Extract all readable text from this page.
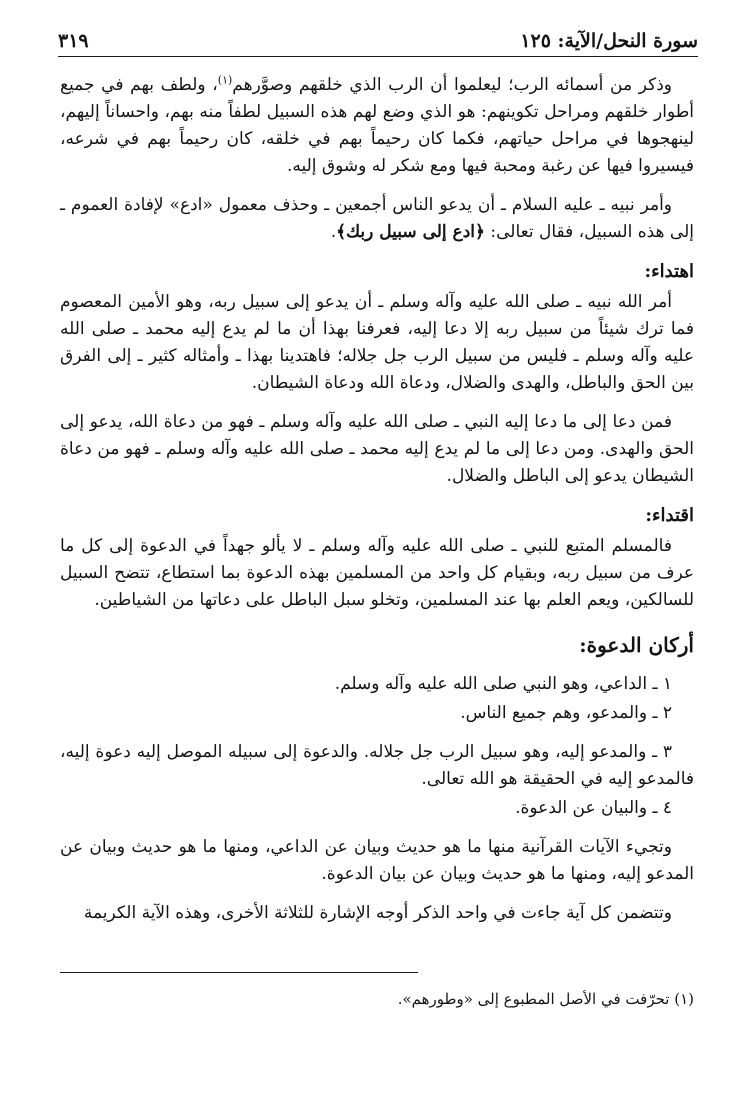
سورة النحل/الآية: ١٢٥
٣١٩

وذكر من أسمائه الرب؛ ليعلموا أن الرب الذي خلقهم وصوَّرهم$^{(١)}$، ولطف بهم في جميع أطوار خلقهم ومراحل تكوينهم: هو الذي وضع لهم هذه السبيل لطفاً منه بهم، واحساناً إليهم، لينهجوها في مراحل حياتهم، فكما كان رحيماً بهم في خلقه، كان رحيماً بهم في شرعه، فيسيروا فيها عن رغبة ومحبة فيها ومع شكر له وشوق إليه.

وأمر نبيه ـ عليه السلام ـ أن يدعو الناس أجمعين ـ وحذف معمول «ادع» لإفادة العموم ـ إلى هذه السبيل، فقال تعالى: ﴿ادع إلى سبيل ربك﴾.

اهتداء:

أمر الله نبيه ـ صلى الله عليه وآله وسلم ـ أن يدعو إلى سبيل ربه، وهو الأمين المعصوم فما ترك شيئاً من سبيل ربه إلا دعا إليه، فعرفنا بهذا أن ما لم يدع إليه محمد ـ صلى الله عليه وآله وسلم ـ فليس من سبيل الرب جل جلاله؛ فاهتدينا بهذا ـ وأمثاله كثير ـ إلى الفرق بين الحق والباطل، والهدى والضلال، ودعاة الله ودعاة الشيطان.

فمن دعا إلى ما دعا إليه النبي ـ صلى الله عليه وآله وسلم ـ فهو من دعاة الله، يدعو إلى الحق والهدى. ومن دعا إلى ما لم يدع إليه محمد ـ صلى الله عليه وآله وسلم ـ فهو من دعاة الشيطان يدعو إلى الباطل والضلال.

اقتداء:

فالمسلم المتبع للنبي ـ صلى الله عليه وآله وسلم ـ لا يألو جهداً في الدعوة إلى كل ما عرف من سبيل ربه، وبقيام كل واحد من المسلمين بهذه الدعوة بما استطاع، تتضح السبيل للسالكين، ويعم العلم بها عند المسلمين، وتخلو سبل الباطل على دعاتها من الشياطين.

أركان الدعوة:

١ ـ الداعي، وهو النبي صلى الله عليه وآله وسلم.

٢ ـ والمدعو، وهم جميع الناس.

٣ ـ والمدعو إليه، وهو سبيل الرب جل جلاله. والدعوة إلى سبيله الموصل إليه دعوة إليه، فالمدعو إليه في الحقيقة هو الله تعالى.

٤ ـ والبيان عن الدعوة.

وتجيء الآيات القرآنية منها ما هو حديث وبيان عن الداعي، ومنها ما هو حديث وبيان عن المدعو إليه، ومنها ما هو حديث وبيان عن بيان الدعوة.

وتتضمن كل آية جاءت في واحد الذكر أوجه الإشارة للثلاثة الأخرى، وهذه الآية الكريمة

(١) تحرّفت في الأصل المطبوع إلى «وطورهم».
